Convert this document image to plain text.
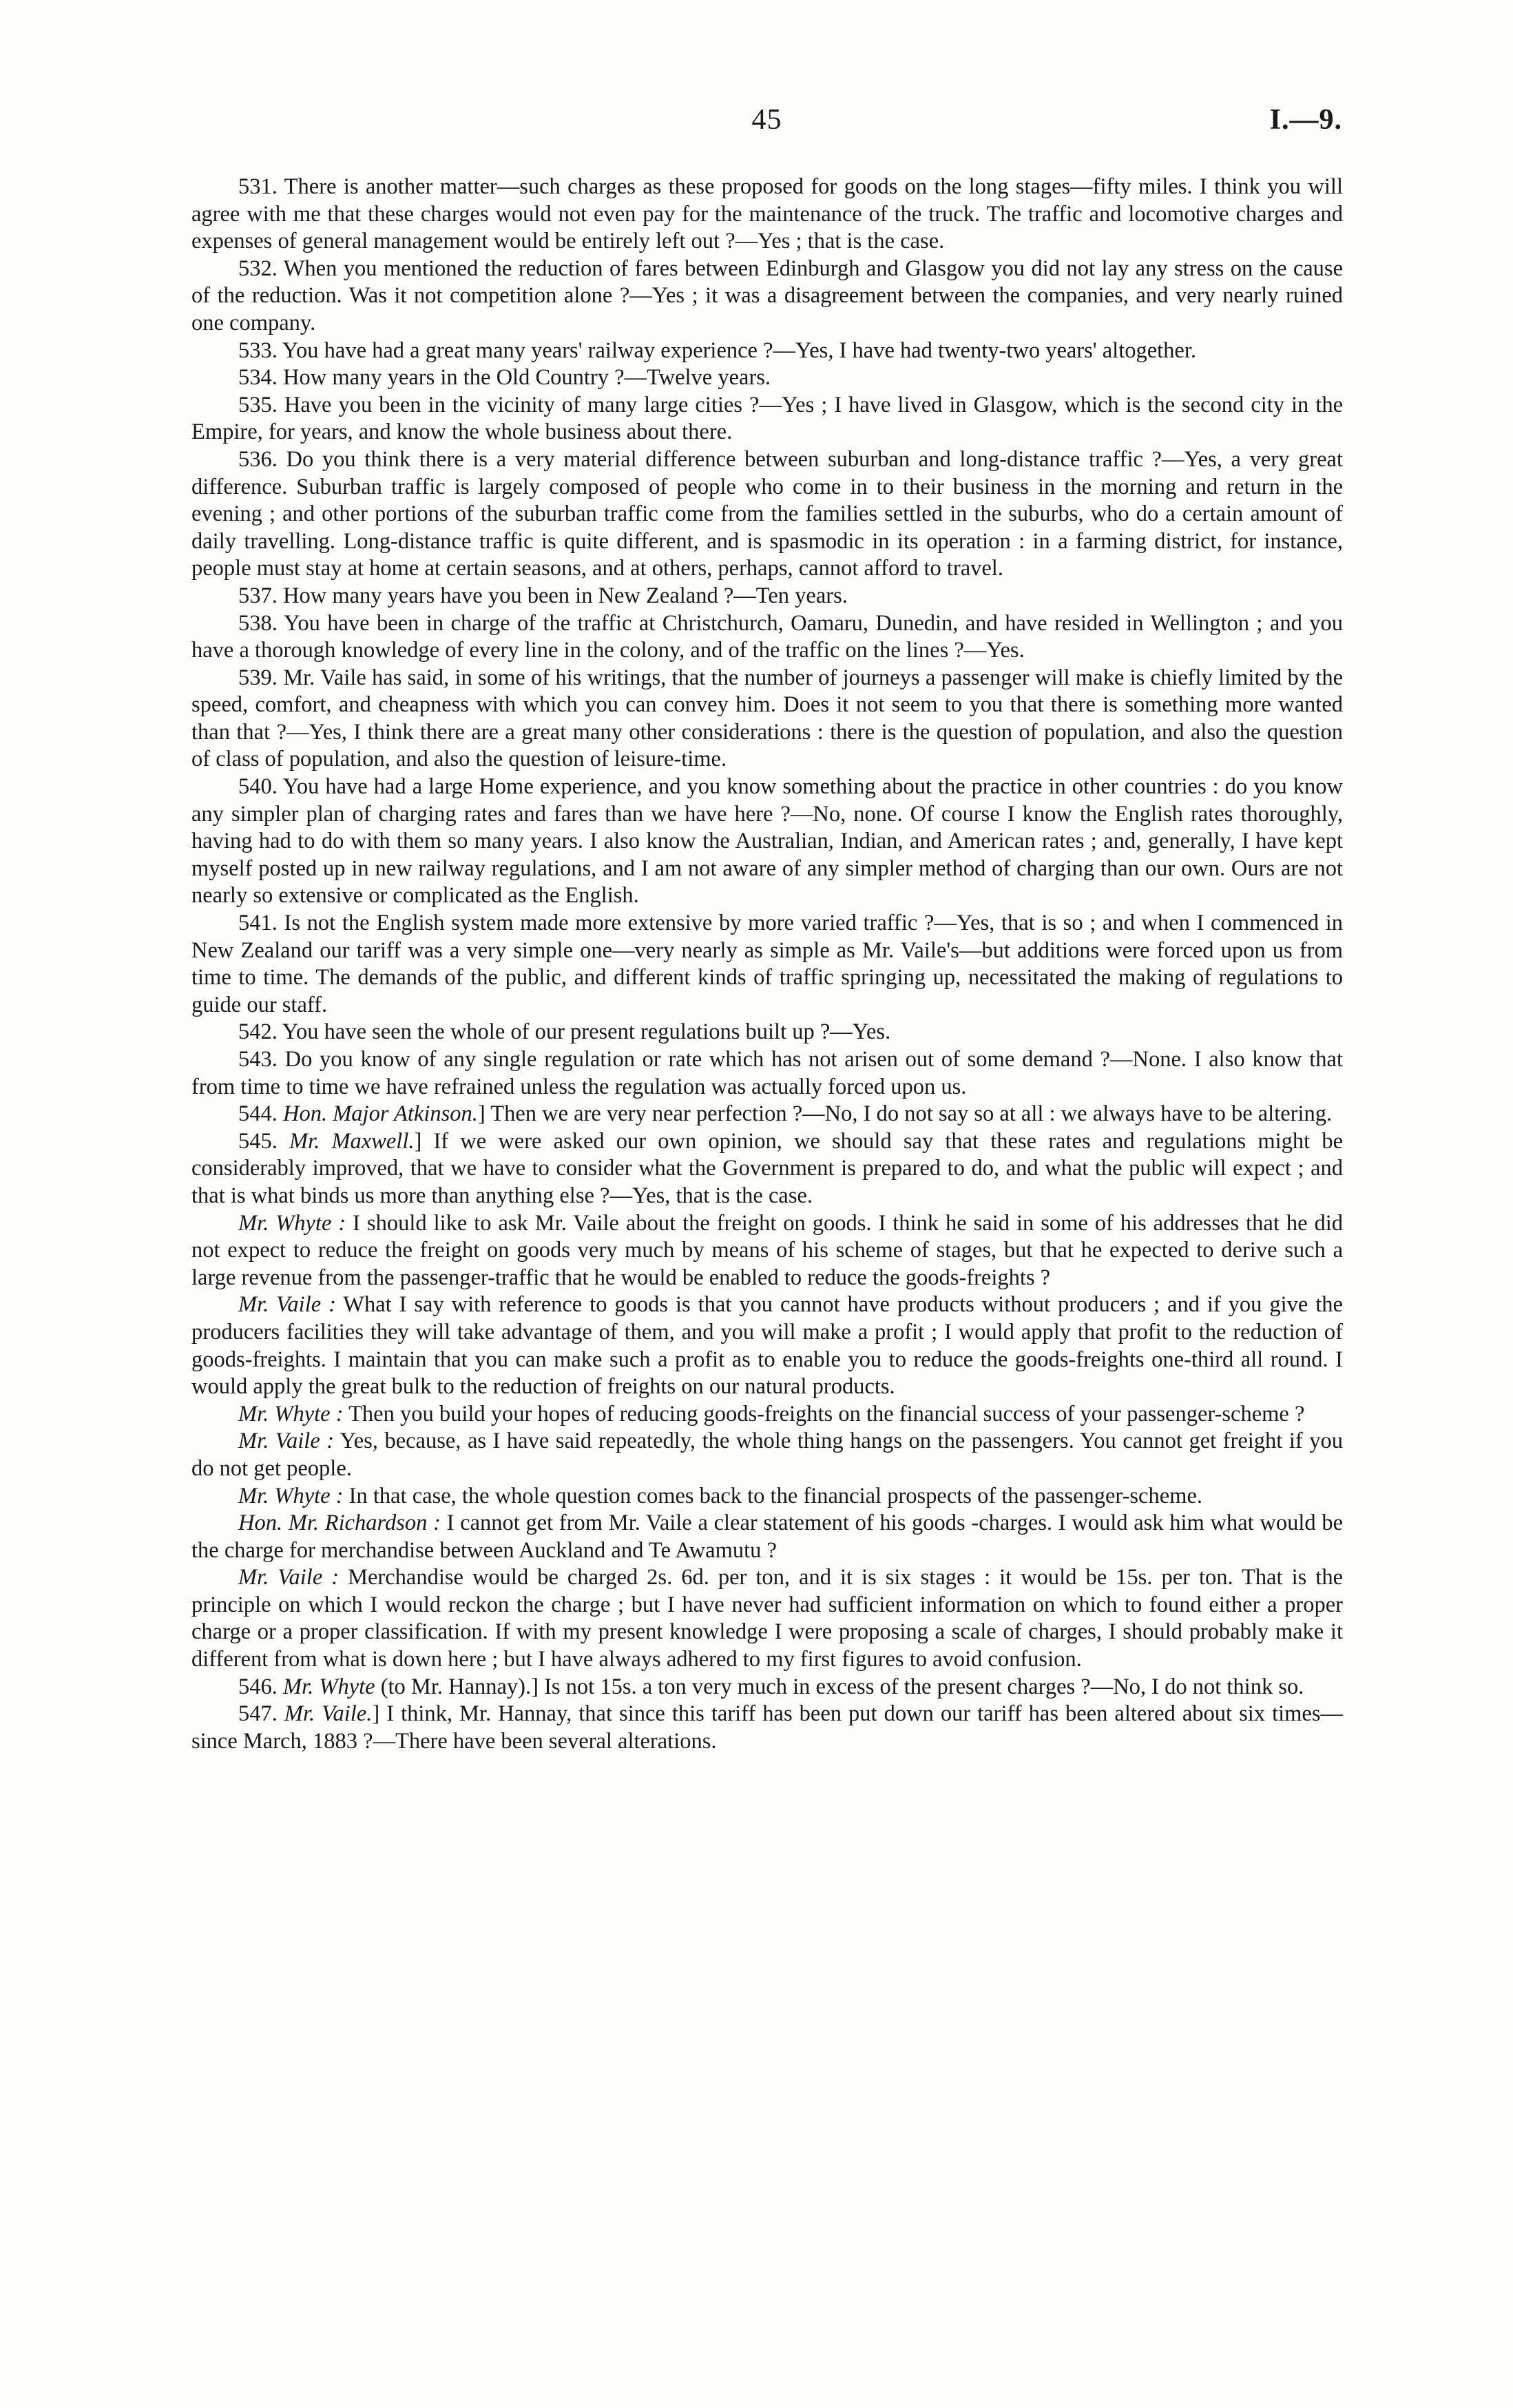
45	I.—9.

531. There is another matter—such charges as these proposed for goods on the long stages—fifty miles. I think you will agree with me that these charges would not even pay for the maintenance of the truck. The traffic and locomotive charges and expenses of general management would be entirely left out ?—Yes ; that is the case.

532. When you mentioned the reduction of fares between Edinburgh and Glasgow you did not lay any stress on the cause of the reduction. Was it not competition alone ?—Yes ; it was a disagreement between the companies, and very nearly ruined one company.

533. You have had a great many years' railway experience ?—Yes, I have had twenty-two years' altogether.

534. How many years in the Old Country ?—Twelve years.

535. Have you been in the vicinity of many large cities ?—Yes ; I have lived in Glasgow, which is the second city in the Empire, for years, and know the whole business about there.

536. Do you think there is a very material difference between suburban and long-distance traffic ?—Yes, a very great difference. Suburban traffic is largely composed of people who come in to their business in the morning and return in the evening ; and other portions of the suburban traffic come from the families settled in the suburbs, who do a certain amount of daily travelling. Long-distance traffic is quite different, and is spasmodic in its operation : in a farming district, for instance, people must stay at home at certain seasons, and at others, perhaps, cannot afford to travel.

537. How many years have you been in New Zealand ?—Ten years.

538. You have been in charge of the traffic at Christchurch, Oamaru, Dunedin, and have resided in Wellington ; and you have a thorough knowledge of every line in the colony, and of the traffic on the lines ?—Yes.

539. Mr. Vaile has said, in some of his writings, that the number of journeys a passenger will make is chiefly limited by the speed, comfort, and cheapness with which you can convey him. Does it not seem to you that there is something more wanted than that ?—Yes, I think there are a great many other considerations : there is the question of population, and also the question of class of population, and also the question of leisure-time.

540. You have had a large Home experience, and you know something about the practice in other countries : do you know any simpler plan of charging rates and fares than we have here ?—No, none. Of course I know the English rates thoroughly, having had to do with them so many years. I also know the Australian, Indian, and American rates ; and, generally, I have kept myself posted up in new railway regulations, and I am not aware of any simpler method of charging than our own. Ours are not nearly so extensive or complicated as the English.

541. Is not the English system made more extensive by more varied traffic ?—Yes, that is so ; and when I commenced in New Zealand our tariff was a very simple one—very nearly as simple as Mr. Vaile's—but additions were forced upon us from time to time. The demands of the public, and different kinds of traffic springing up, necessitated the making of regulations to guide our staff.

542. You have seen the whole of our present regulations built up ?—Yes.

543. Do you know of any single regulation or rate which has not arisen out of some demand ?—None. I also know that from time to time we have refrained unless the regulation was actually forced upon us.

544. Hon. Major Atkinson.] Then we are very near perfection ?—No, I do not say so at all : we always have to be altering.

545. Mr. Maxwell.] If we were asked our own opinion, we should say that these rates and regulations might be considerably improved, that we have to consider what the Government is prepared to do, and what the public will expect ; and that is what binds us more than anything else ?—Yes, that is the case.

Mr. Whyte : I should like to ask Mr. Vaile about the freight on goods. I think he said in some of his addresses that he did not expect to reduce the freight on goods very much by means of his scheme of stages, but that he expected to derive such a large revenue from the passenger-traffic that he would be enabled to reduce the goods-freights ?

Mr. Vaile : What I say with reference to goods is that you cannot have products without producers ; and if you give the producers facilities they will take advantage of them, and you will make a profit ; I would apply that profit to the reduction of goods-freights. I maintain that you can make such a profit as to enable you to reduce the goods-freights one-third all round. I would apply the great bulk to the reduction of freights on our natural products.

Mr. Whyte : Then you build your hopes of reducing goods-freights on the financial success of your passenger-scheme ?

Mr. Vaile : Yes, because, as I have said repeatedly, the whole thing hangs on the passengers. You cannot get freight if you do not get people.

Mr. Whyte : In that case, the whole question comes back to the financial prospects of the passenger-scheme.

Hon. Mr. Richardson : I cannot get from Mr. Vaile a clear statement of his goods -charges. I would ask him what would be the charge for merchandise between Auckland and Te Awamutu ?

Mr. Vaile : Merchandise would be charged 2s. 6d. per ton, and it is six stages : it would be 15s. per ton. That is the principle on which I would reckon the charge ; but I have never had sufficient information on which to found either a proper charge or a proper classification. If with my present knowledge I were proposing a scale of charges, I should probably make it different from what is down here ; but I have always adhered to my first figures to avoid confusion.

546. Mr. Whyte (to Mr. Hannay).] Is not 15s. a ton very much in excess of the present charges ?—No, I do not think so.

547. Mr. Vaile.] I think, Mr. Hannay, that since this tariff has been put down our tariff has been altered about six times—since March, 1883 ?—There have been several alterations.
